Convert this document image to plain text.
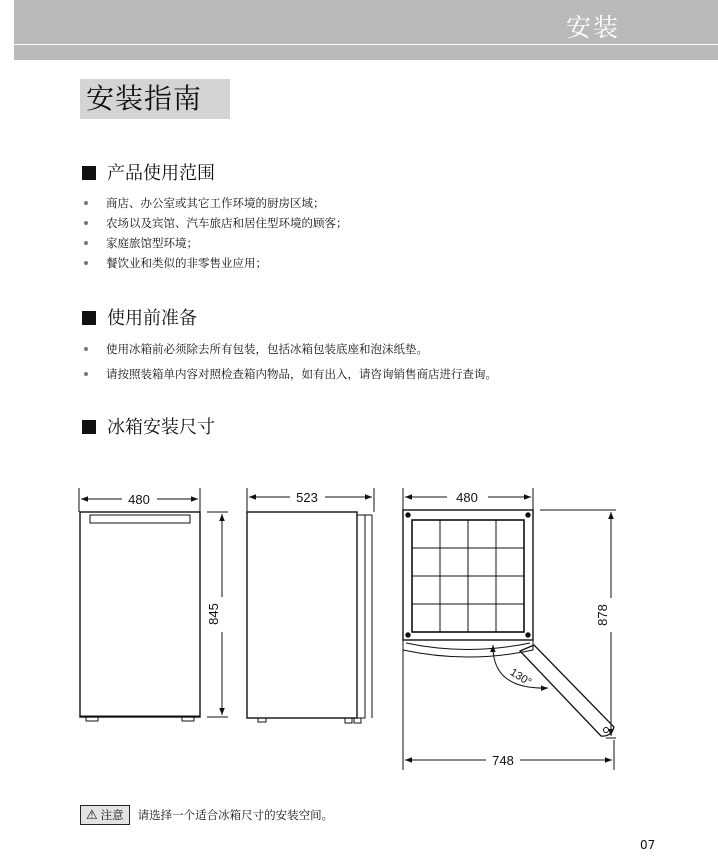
安装
安装指南
产品使用范围
商店、办公室或其它工作环境的厨房区域；
农场以及宾馆、汽车旅店和居住型环境的顾客；
家庭旅馆型环境；
餐饮业和类似的非零售业应用；
使用前准备
使用冰箱前必须除去所有包装，包括冰箱包装底座和泡沫纸垫。
请按照装箱单内容对照检查箱内物品，如有出入，请咨询销售商店进行查询。
冰箱安装尺寸
480	523	480
845	878
748
130°
⚠ 注意 请选择一个适合冰箱尺寸的安装空间。
07
